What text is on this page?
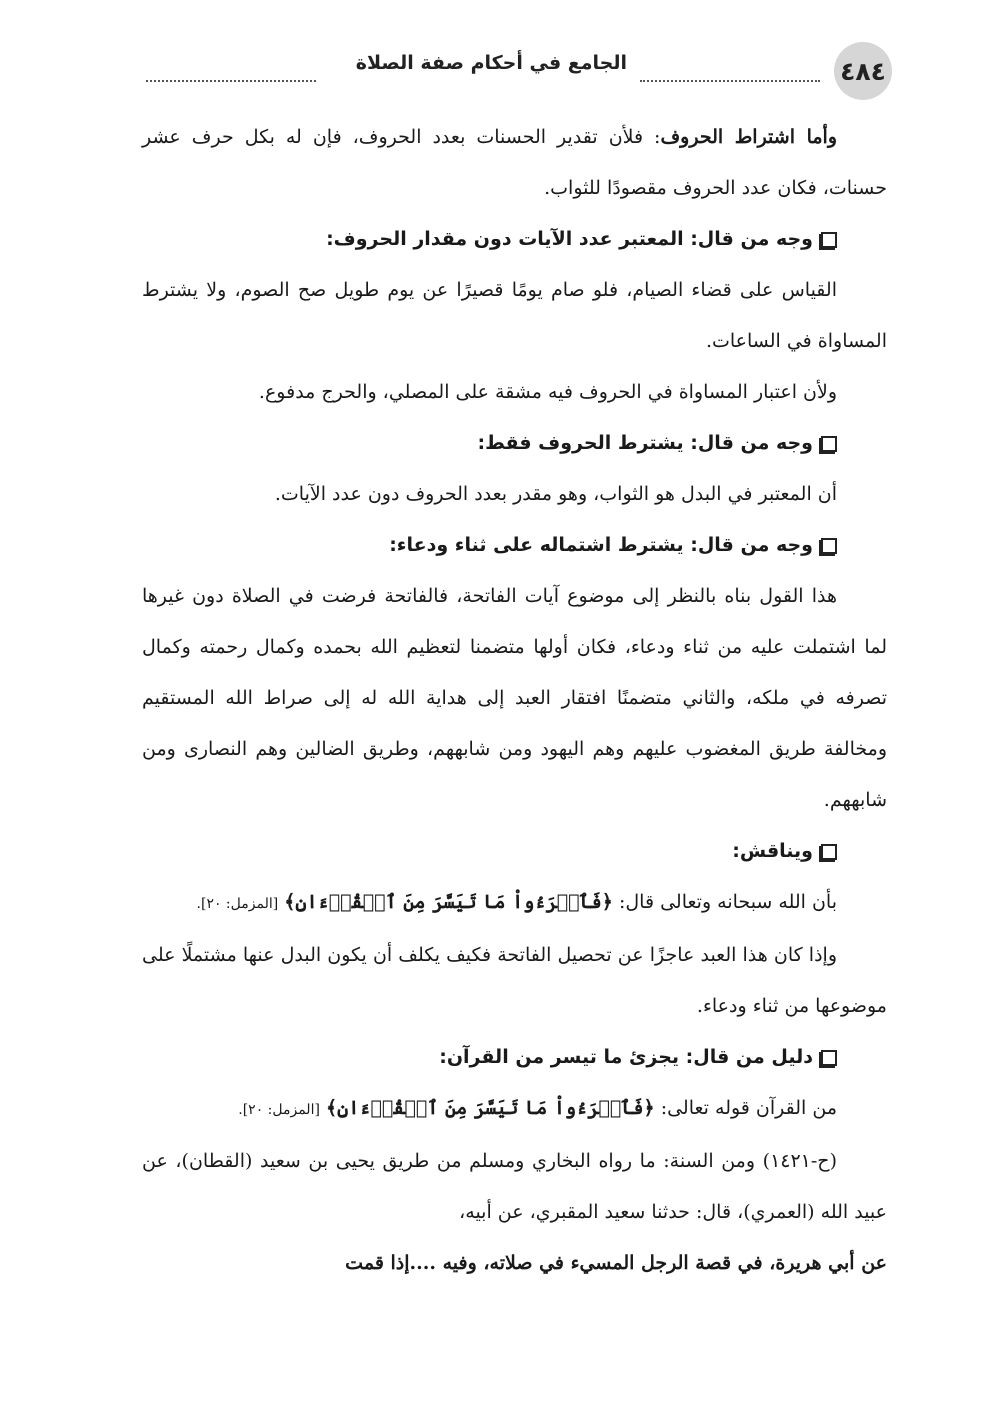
٤٨٤
الجامع في أحكام صفة الصلاة

وأما اشتراط الحروف: فلأن تقدير الحسنات بعدد الحروف، فإن له بكل حرف عشر حسنات، فكان عدد الحروف مقصودًا للثواب.

وجه من قال: المعتبر عدد الآيات دون مقدار الحروف:

القياس على قضاء الصيام، فلو صام يومًا قصيرًا عن يوم طويل صح الصوم، ولا يشترط المساواة في الساعات.

ولأن اعتبار المساواة في الحروف فيه مشقة على المصلي، والحرج مدفوع.

وجه من قال: يشترط الحروف فقط:

أن المعتبر في البدل هو الثواب، وهو مقدر بعدد الحروف دون عدد الآيات.

وجه من قال: يشترط اشتماله على ثناء ودعاء:

هذا القول بناه بالنظر إلى موضوع آيات الفاتحة، فالفاتحة فرضت في الصلاة دون غيرها لما اشتملت عليه من ثناء ودعاء، فكان أولها متضمنا لتعظيم الله بحمده وكمال رحمته وكمال تصرفه في ملكه، والثاني متضمنًا افتقار العبد إلى هداية الله له إلى صراط الله المستقيم ومخالفة طريق المغضوب عليهم وهم اليهود ومن شابههم، وطريق الضالين وهم النصارى ومن شابههم.

ويناقش:

بأن الله سبحانه وتعالى قال: ﴿فَٱقۡرَءُواْ مَا تَيَسَّرَ مِنَ ٱلۡقُرۡءَانِ﴾ [المزمل: ٢٠].

وإذا كان هذا العبد عاجزًا عن تحصيل الفاتحة فكيف يكلف أن يكون البدل عنها مشتملًا على موضوعها من ثناء ودعاء.

دليل من قال: يجزئ ما تيسر من القرآن:

من القرآن قوله تعالى: ﴿فَٱقۡرَءُواْ مَا تَيَسَّرَ مِنَ ٱلۡقُرۡءَانِ﴾ [المزمل: ٢٠].

(ح-١٤٢١) ومن السنة: ما رواه البخاري ومسلم من طريق يحيى بن سعيد (القطان)، عن عبيد الله (العمري)، قال: حدثنا سعيد المقبري، عن أبيه،

عن أبي هريرة، في قصة الرجل المسيء في صلاته، وفيه ....إذا قمت
